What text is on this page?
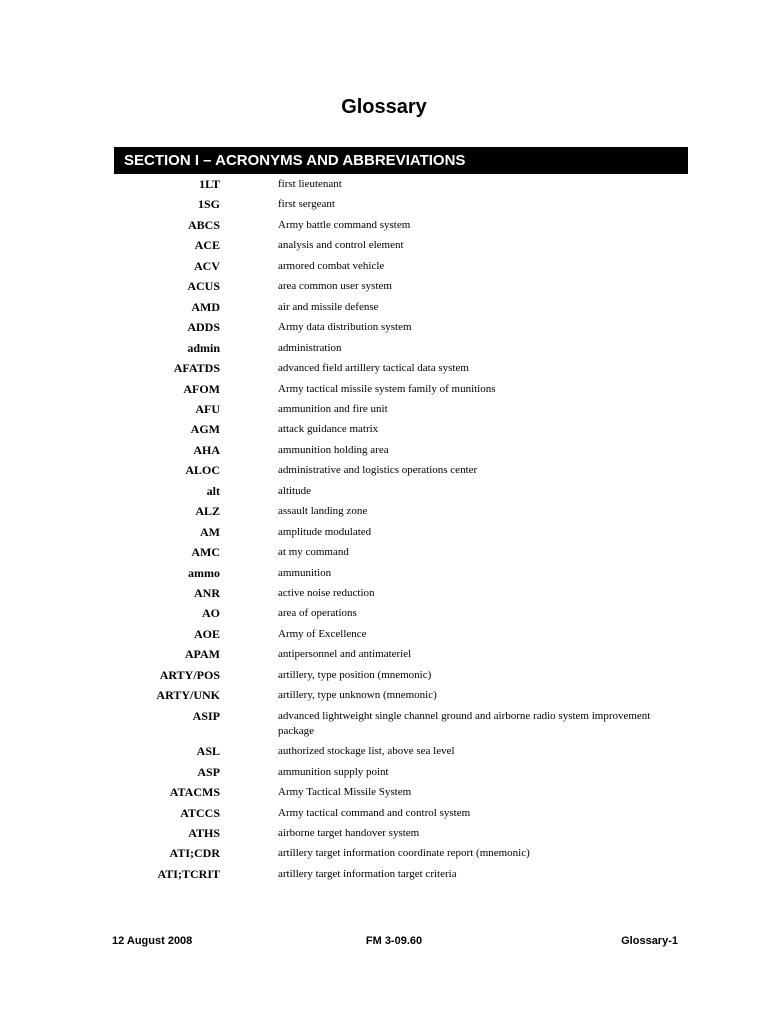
Glossary
SECTION I – ACRONYMS AND ABBREVIATIONS
1LT	first lieutenant
1SG	first sergeant
ABCS	Army battle command system
ACE	analysis and control element
ACV	armored combat vehicle
ACUS	area common user system
AMD	air and missile defense
ADDS	Army data distribution system
admin	administration
AFATDS	advanced field artillery tactical data system
AFOM	Army tactical missile system family of munitions
AFU	ammunition and fire unit
AGM	attack guidance matrix
AHA	ammunition holding area
ALOC	administrative and logistics operations center
alt	altitude
ALZ	assault landing zone
AM	amplitude modulated
AMC	at my command
ammo	ammunition
ANR	active noise reduction
AO	area of operations
AOE	Army of Excellence
APAM	antipersonnel and antimateriel
ARTY/POS	artillery, type position (mnemonic)
ARTY/UNK	artillery, type unknown (mnemonic)
ASIP	advanced lightweight single channel ground and airborne radio system improvement package
ASL	authorized stockage list, above sea level
ASP	ammunition supply point
ATACMS	Army Tactical Missile System
ATCCS	Army tactical command and control system
ATHS	airborne target handover system
ATI;CDR	artillery target information coordinate report (mnemonic)
ATI;TCRIT	artillery target information target criteria
12 August 2008	FM 3-09.60	Glossary-1
